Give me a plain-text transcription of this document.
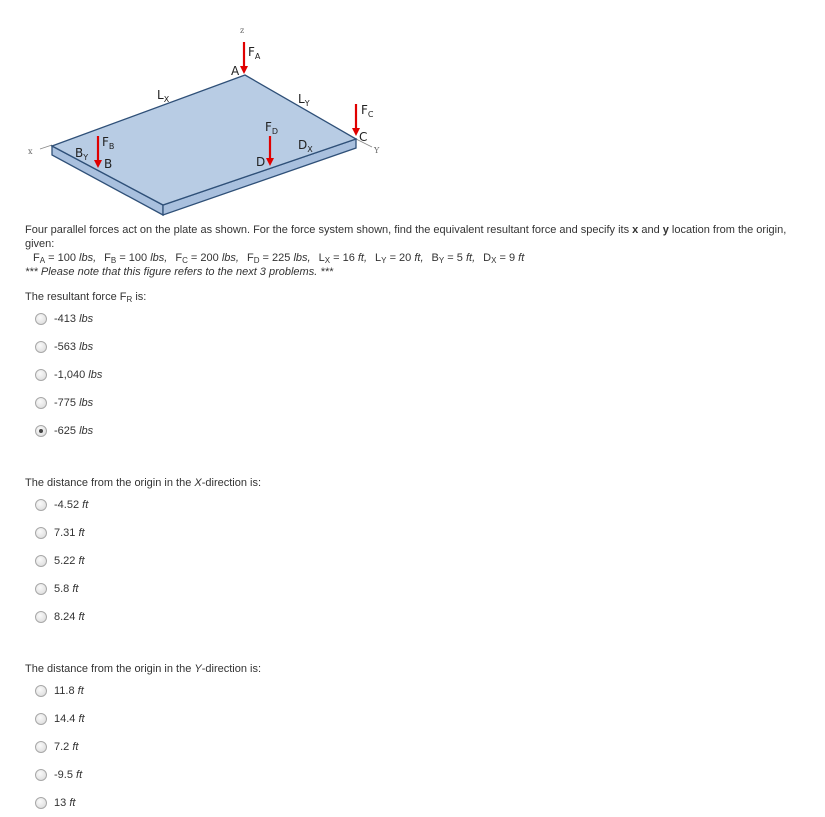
z
x	Y
$F_A$
A
$L_X$	$L_Y$	$F_C$
C
$F_D$
$D_X$
D
$F_B$
$B_Y$ B
Four parallel forces act on the plate as shown. For the force system shown, find the equivalent resultant force and specify its x and y location from the origin, given:
$F_A = 100$ lbs, $F_B = 100$ lbs, $F_C = 200$ lbs, $F_D = 225$ lbs, $L_X = 16$ ft, $L_Y = 20$ ft, $B_Y = 5$ ft, $D_X = 9$ ft
*** Please note that this figure refers to the next 3 problems. ***
The resultant force $F_R$ is:
-413
lbs
-563
lbs
-1,040
lbs
-775
lbs
-625
lbs
The distance from the origin in the X-direction is:
-4.52
ft
7.31
ft
5.22
ft
5.8
ft
8.24
ft
The distance from the origin in the Y-direction is:
11.8
ft
14.4
ft
7.2
ft
-9.5
ft
13
ft
